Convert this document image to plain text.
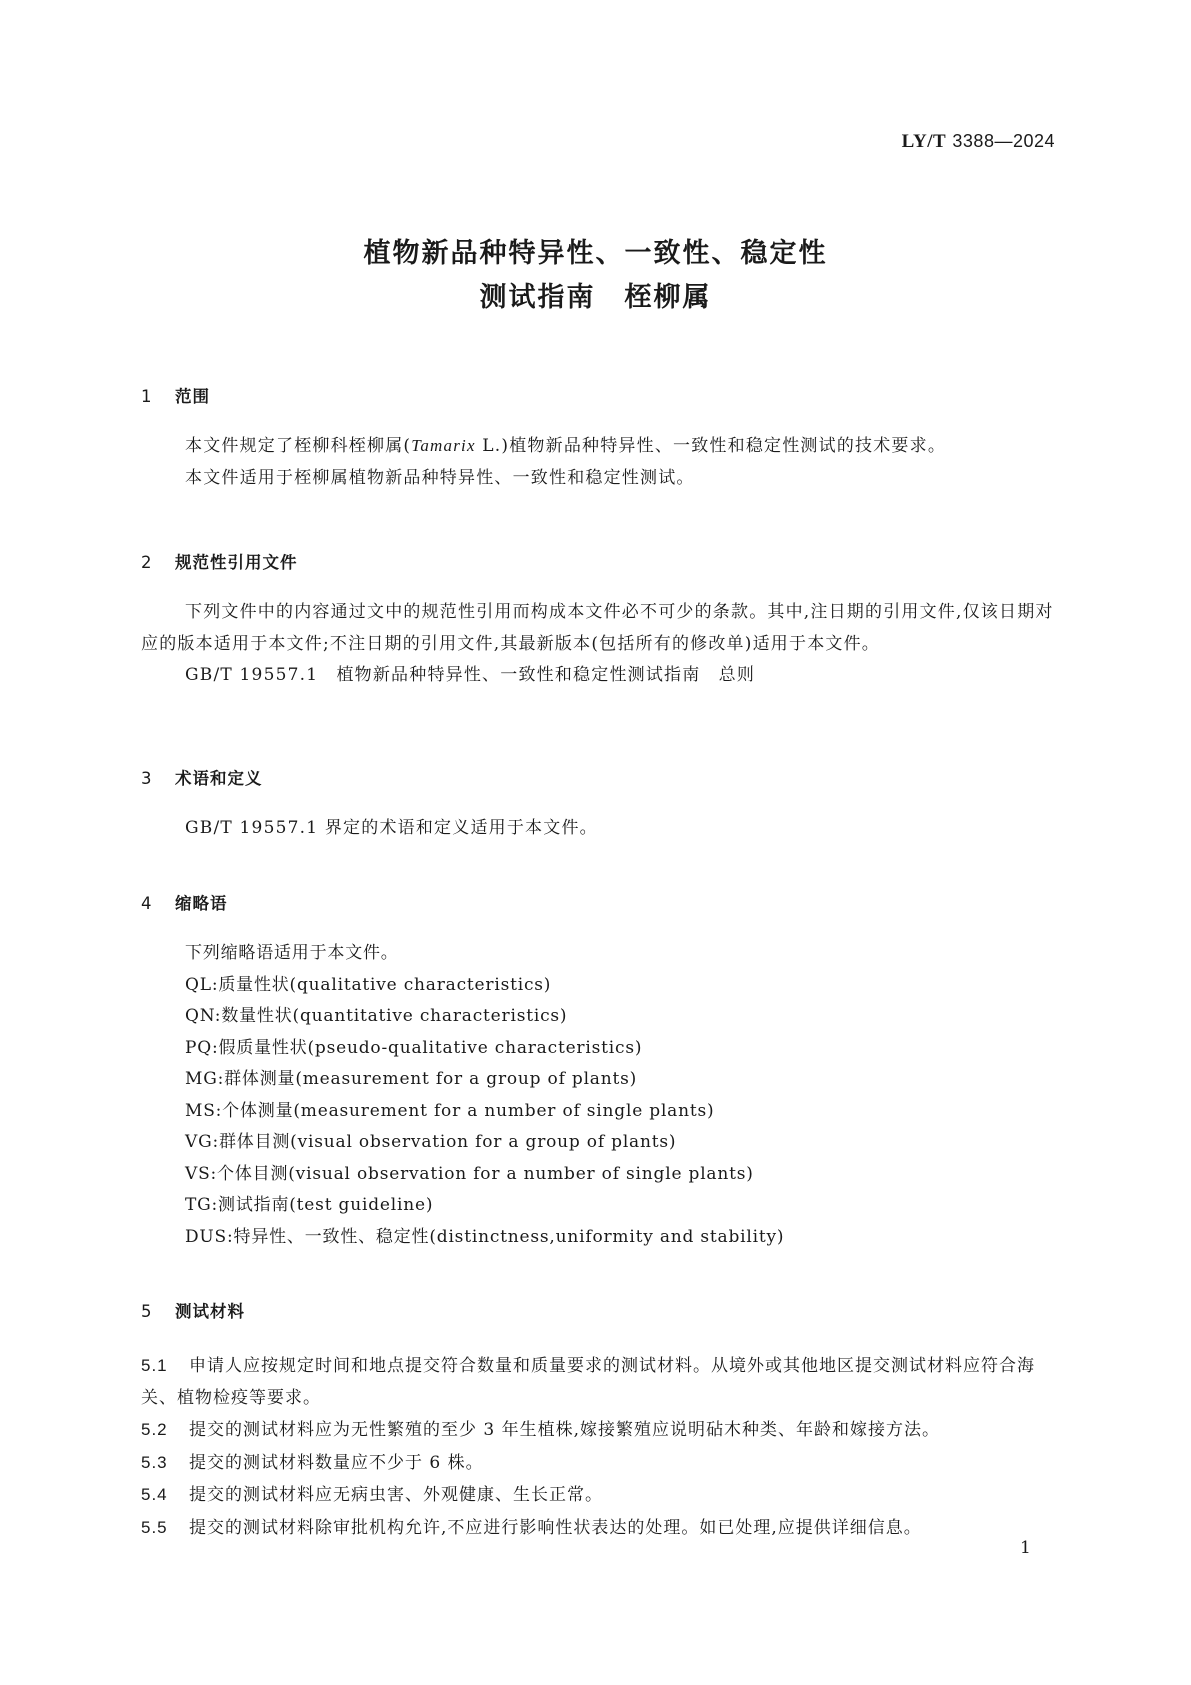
LY/T 3388—2024
植物新品种特异性、一致性、稳定性
测试指南　桎柳属
1 范围
本文件规定了桎柳科桎柳属(Tamarix L.)植物新品种特异性、一致性和稳定性测试的技术要求。
本文件适用于桎柳属植物新品种特异性、一致性和稳定性测试。
2 规范性引用文件
下列文件中的内容通过文中的规范性引用而构成本文件必不可少的条款。其中,注日期的引用文件,仅该日期对应的版本适用于本文件;不注日期的引用文件,其最新版本(包括所有的修改单)适用于本文件。
GB/T 19557.1　植物新品种特异性、一致性和稳定性测试指南　总则
3 术语和定义
GB/T 19557.1 界定的术语和定义适用于本文件。
4 缩略语
下列缩略语适用于本文件。
QL:质量性状(qualitative characteristics)
QN:数量性状(quantitative characteristics)
PQ:假质量性状(pseudo-qualitative characteristics)
MG:群体测量(measurement for a group of plants)
MS:个体测量(measurement for a number of single plants)
VG:群体目测(visual observation for a group of plants)
VS:个体目测(visual observation for a number of single plants)
TG:测试指南(test guideline)
DUS:特异性、一致性、稳定性(distinctness,uniformity and stability)
5 测试材料
5.1 申请人应按规定时间和地点提交符合数量和质量要求的测试材料。从境外或其他地区提交测试材料应符合海关、植物检疫等要求。
5.2 提交的测试材料应为无性繁殖的至少 3 年生植株,嫁接繁殖应说明砧木种类、年龄和嫁接方法。
5.3 提交的测试材料数量应不少于 6 株。
5.4 提交的测试材料应无病虫害、外观健康、生长正常。
5.5 提交的测试材料除审批机构允许,不应进行影响性状表达的处理。如已处理,应提供详细信息。
1
